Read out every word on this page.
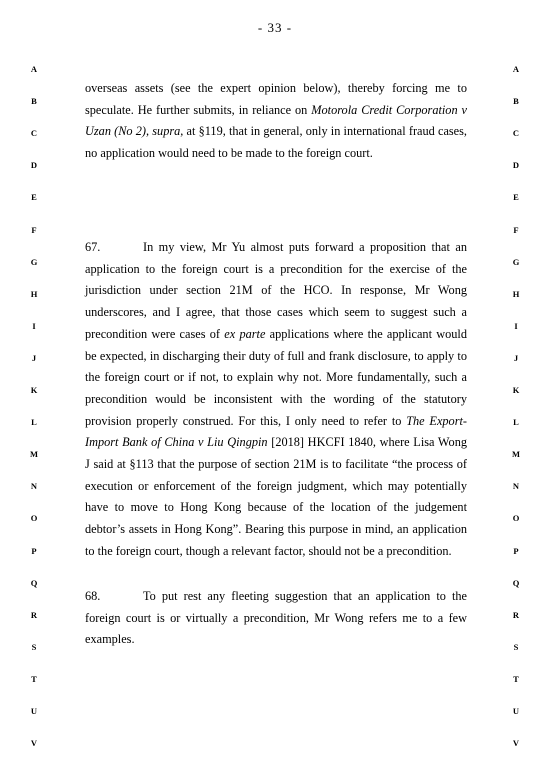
- 33 -
A	A
B	B
C	C
D	D
E	E
F	F
G	G
H	H
I	I
J	J
K	K
L	L
M	M
N	N
O	O
P	P
Q	Q
R	R
S	S
T	T
U	U
V	V

overseas assets (see the expert opinion below), thereby forcing me to speculate. He further submits, in reliance on Motorola Credit Corporation v Uzan (No 2), supra, at §119, that in general, only in international fraud cases, no application would need to be made to the foreign court.

67.	In my view, Mr Yu almost puts forward a proposition that an application to the foreign court is a precondition for the exercise of the jurisdiction under section 21M of the HCO. In response, Mr Wong underscores, and I agree, that those cases which seem to suggest such a precondition were cases of ex parte applications where the applicant would be expected, in discharging their duty of full and frank disclosure, to apply to the foreign court or if not, to explain why not. More fundamentally, such a precondition would be inconsistent with the wording of the statutory provision properly construed. For this, I only need to refer to The Export-Import Bank of China v Liu Qingpin [2018] HKCFI 1840, where Lisa Wong J said at §113 that the purpose of section 21M is to facilitate “the process of execution or enforcement of the foreign judgment, which may potentially have to move to Hong Kong because of the location of the judgement debtor’s assets in Hong Kong”. Bearing this purpose in mind, an application to the foreign court, though a relevant factor, should not be a precondition.

68.	To put rest any fleeting suggestion that an application to the foreign court is or virtually a precondition, Mr Wong refers me to a few examples.
